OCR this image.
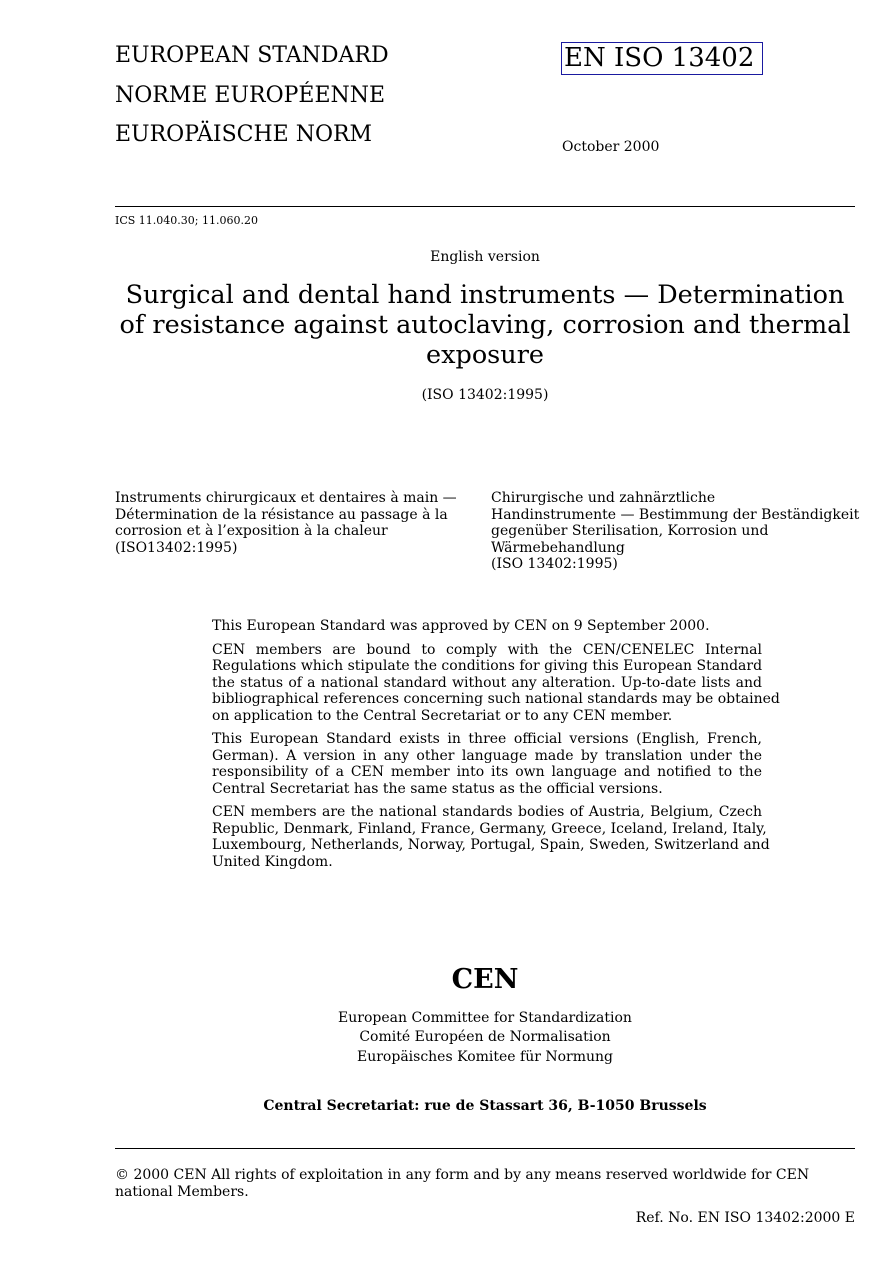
EUROPEAN STANDARD
NORME EUROPÉENNE
EUROPÄISCHE NORM
EN ISO 13402
October 2000
ICS 11.040.30; 11.060.20
English version
Surgical and dental hand instruments — Determination of resistance against autoclaving, corrosion and thermal exposure
(ISO 13402:1995)
Instruments chirurgicaux et dentaires à main —
Détermination de la résistance au passage à la
corrosion et à l’exposition à la chaleur
(ISO13402:1995)
Chirurgische und zahnärztliche
Handinstrumente — Bestimmung der Beständigkeit
gegenüber Sterilisation, Korrosion und
Wärmebehandlung
(ISO 13402:1995)
This European Standard was approved by CEN on 9 September 2000.
CEN members are bound to comply with the CEN/CENELEC Internal
Regulations which stipulate the conditions for giving this European Standard
the status of a national standard without any alteration. Up-to-date lists and
bibliographical references concerning such national standards may be obtained
on application to the Central Secretariat or to any CEN member.
This European Standard exists in three official versions (English, French,
German). A version in any other language made by translation under the
responsibility of a CEN member into its own language and notified to the
Central Secretariat has the same status as the official versions.
CEN members are the national standards bodies of Austria, Belgium, Czech
Republic, Denmark, Finland, France, Germany, Greece, Iceland, Ireland, Italy,
Luxembourg, Netherlands, Norway, Portugal, Spain, Sweden, Switzerland and
United Kingdom.
CEN
European Committee for Standardization
Comité Européen de Normalisation
Europäisches Komitee für Normung
Central Secretariat: rue de Stassart 36, B-1050 Brussels
© 2000 CEN All rights of exploitation in any form and by any means reserved worldwide for CEN national Members.
Ref. No. EN ISO 13402:2000 E
